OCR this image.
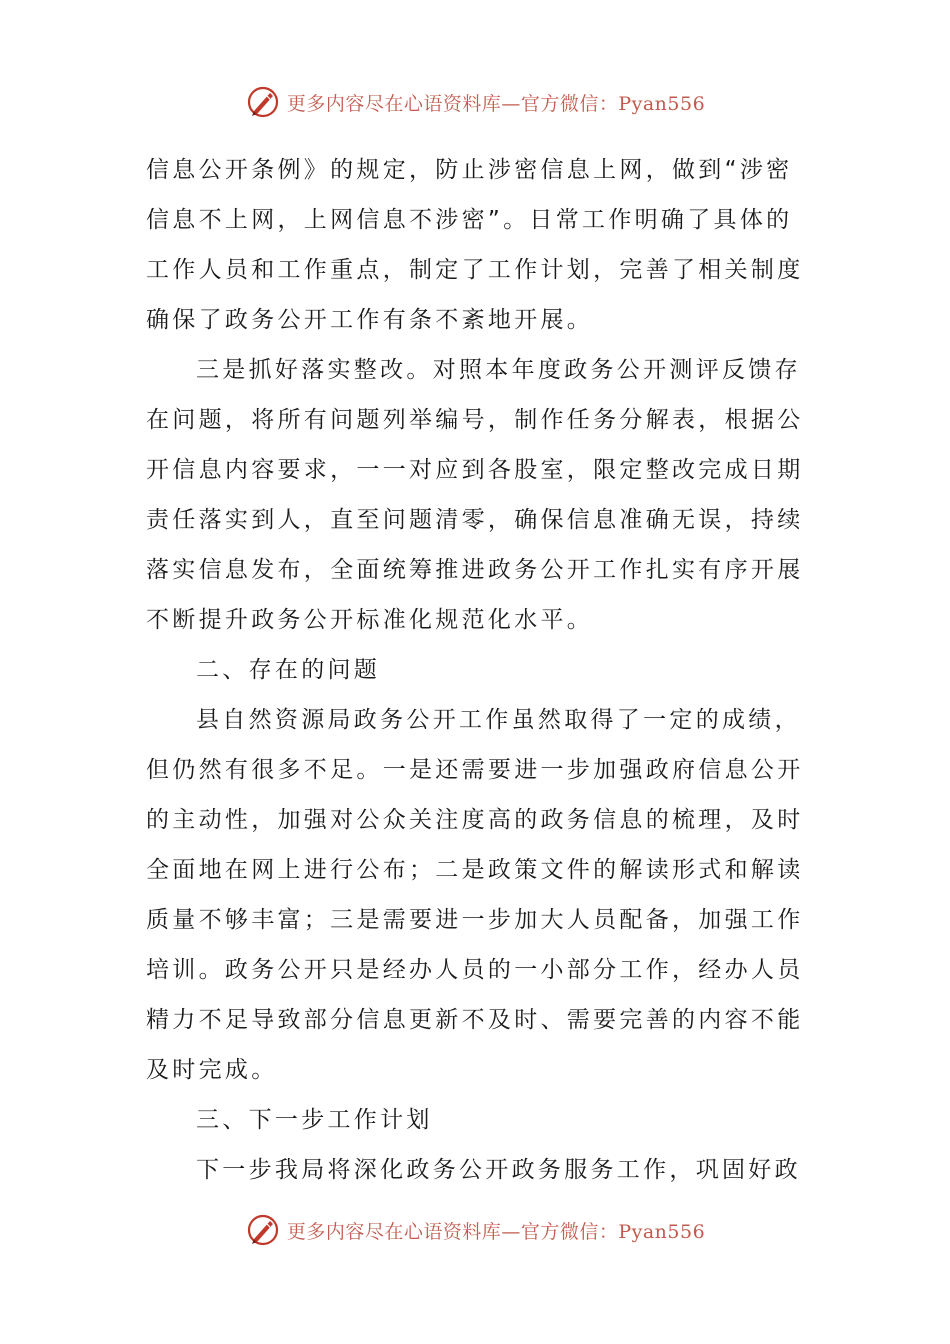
更多内容尽在心语资料库—官方微信：Pyan556
信息公开条例》的规定，防止涉密信息上网，做到“涉密
信息不上网，上网信息不涉密”。日常工作明确了具体的
工作人员和工作重点，制定了工作计划，完善了相关制度
确保了政务公开工作有条不紊地开展。
三是抓好落实整改。对照本年度政务公开测评反馈存
在问题，将所有问题列举编号，制作任务分解表，根据公
开信息内容要求，一一对应到各股室，限定整改完成日期
责任落实到人，直至问题清零，确保信息准确无误，持续
落实信息发布，全面统筹推进政务公开工作扎实有序开展
不断提升政务公开标准化规范化水平。
二、存在的问题
县自然资源局政务公开工作虽然取得了一定的成绩，
但仍然有很多不足。一是还需要进一步加强政府信息公开
的主动性，加强对公众关注度高的政务信息的梳理，及时
全面地在网上进行公布；二是政策文件的解读形式和解读
质量不够丰富；三是需要进一步加大人员配备，加强工作
培训。政务公开只是经办人员的一小部分工作，经办人员
精力不足导致部分信息更新不及时、需要完善的内容不能
及时完成。
三、下一步工作计划
下一步我局将深化政务公开政务服务工作，巩固好政
更多内容尽在心语资料库—官方微信：Pyan556
